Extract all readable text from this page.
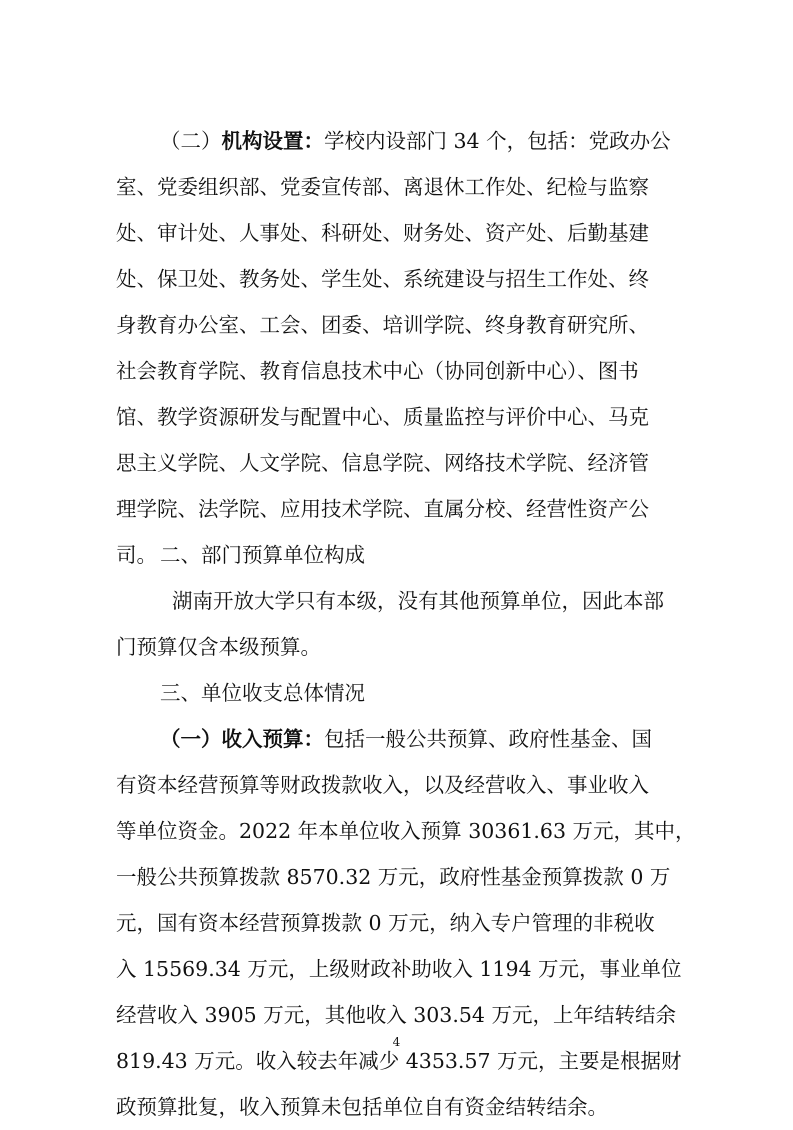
（二）机构设置：学校内设部门 34 个，包括：党政办公
室、党委组织部、党委宣传部、离退休工作处、纪检与监察
处、审计处、人事处、科研处、财务处、资产处、后勤基建
处、保卫处、教务处、学生处、系统建设与招生工作处、终
身教育办公室、工会、团委、培训学院、终身教育研究所、
社会教育学院、教育信息技术中心（协同创新中心）、图书
馆、教学资源研发与配置中心、质量监控与评价中心、马克
思主义学院、人文学院、信息学院、网络技术学院、经济管
理学院、法学院、应用技术学院、直属分校、经营性资产公
司。 二、部门预算单位构成
湖南开放大学只有本级，没有其他预算单位，因此本部
门预算仅含本级预算。
三、单位收支总体情况
（一）收入预算：包括一般公共预算、政府性基金、国
有资本经营预算等财政拨款收入，以及经营收入、事业收入
等单位资金。2022 年本单位收入预算 30361.63 万元，其中，
一般公共预算拨款 8570.32 万元，政府性基金预算拨款 0 万
元，国有资本经营预算拨款 0 万元，纳入专户管理的非税收
入 15569.34 万元，上级财政补助收入 1194 万元，事业单位
经营收入 3905 万元，其他收入 303.54 万元，上年结转结余
819.43 万元。收入较去年减少 4353.57 万元，主要是根据财
政预算批复，收入预算未包括单位自有资金结转结余。
4
